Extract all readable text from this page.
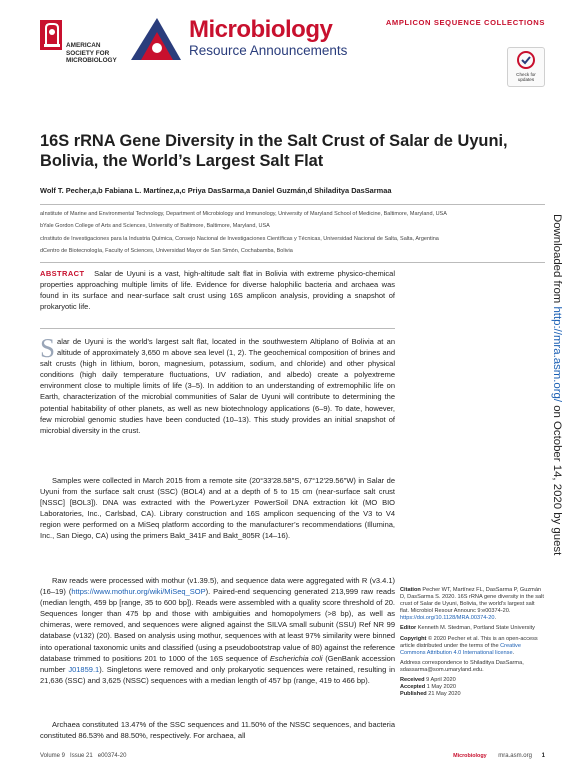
AMERICAN
SOCIETY FOR
MICROBIOLOGY
Microbiology
Resource Announcements
AMPLICON SEQUENCE COLLECTIONS
Check for updates
16S rRNA Gene Diversity in the Salt Crust of Salar de Uyuni, Bolivia, the World’s Largest Salt Flat
Wolf T. Pecher,a,b Fabiana L. Martínez,a,c Priya DasSarma,a Daniel Guzmán,d Shiladitya DasSarmaa
aInstitute of Marine and Environmental Technology, Department of Microbiology and Immunology, University of Maryland School of Medicine, Baltimore, Maryland, USA
bYale Gordon College of Arts and Sciences, University of Baltimore, Baltimore, Maryland, USA
cInstituto de Investigaciones para la Industria Química, Consejo Nacional de Investigaciones Científicas y Técnicas, Universidad Nacional de Salta, Salta, Argentina
dCentro de Biotecnología, Faculty of Sciences, Universidad Mayor de San Simón, Cochabamba, Bolivia
ABSTRACT Salar de Uyuni is a vast, high-altitude salt flat in Bolivia with extreme physico-chemical properties approaching multiple limits of life. Evidence for diverse halophilic bacteria and archaea was found in its surface and near-surface salt crust using 16S amplicon analysis, providing a snapshot of prokaryotic life.

Salar de Uyuni is the world’s largest salt flat, located in the southwestern Altiplano of Bolivia at an altitude of approximately 3,650 m above sea level (1, 2). The geochemical composition of brines and salt crusts (high in lithium, boron, magnesium, potassium, sodium, and chloride) and other physical conditions (high daily temperature fluctuations, UV radiation, and albedo) create a polyextreme environment close to multiple limits of life (3–5). In addition to an understanding of extremophilic life on Earth, characterization of the microbial communities of Salar de Uyuni will contribute to determining the potential habitability of other planets, as well as new biotechnology applications (6–9). To date, however, few microbial genomic studies have been conducted (10–13). This study provides an initial snapshot of microbial diversity in the crust.

Samples were collected in March 2015 from a remote site (20°33′28.58″S, 67°12′29.56″W) in Salar de Uyuni from the surface salt crust (SSC) (BOL4) and at a depth of 5 to 15 cm (near-surface salt crust [NSSC] [BOL3]). DNA was extracted with the PowerLyzer PowerSoil DNA extraction kit (MO BIO Laboratories, Inc., Carlsbad, CA). Library construction and 16S amplicon sequencing of the V3 to V4 region were performed on a MiSeq platform according to the manufacturer’s recommendations (Illumina, Inc., San Diego, CA) using the primers Bakt_341F and Bakt_805R (14–16).

Raw reads were processed with mothur (v1.39.5), and sequence data were aggregated with R (v3.4.1) (16–19) (https://www.mothur.org/wiki/MiSeq_SOP). Paired-end sequencing generated 213,999 raw reads (median length, 459 bp [range, 35 to 600 bp]). Reads were assembled with a quality score threshold of 20. Sequences longer than 475 bp and those with ambiguities and homopolymers (>8 bp), as well as chimeras, were removed, and sequences were aligned against the SILVA small subunit (SSU) Ref NR 99 database (v132) (20). Based on analysis using mothur, sequences with at least 97% similarity were binned into operational taxonomic units and classified (using a pseudobootstrap value of 80) against the reference database trimmed to positions 201 to 1000 of the 16S sequence of Escherichia coli (GenBank accession number J01859.1). Singletons were removed and only prokaryotic sequences were retained, resulting in 21,636 (SSC) and 3,625 (NSSC) sequences with a median length of 457 bp (range, 419 to 466 bp).

Archaea constituted 13.47% of the SSC sequences and 11.50% of the NSSC sequences, and bacteria constituted 86.53% and 88.50%, respectively. For archaea, all

Citation Pecher WT, Martínez FL, DasSarma P, Guzmán D, DasSarma S. 2020. 16S rRNA gene diversity in the salt crust of Salar de Uyuni, Bolivia, the world’s largest salt flat. Microbiol Resour Announc 9:e00374-20. https://doi.org/10.1128/MRA.00374-20.
Editor Kenneth M. Stedman, Portland State University
Copyright © 2020 Pecher et al. This is an open-access article distributed under the terms of the Creative Commons Attribution 4.0 International license.
Address correspondence to Shiladitya DasSarma, sdassarma@som.umaryland.edu.
Received 9 April 2020
Accepted 1 May 2020
Published 21 May 2020
Downloaded from http://mra.asm.org/ on October 14, 2020 by guest
Volume 9 Issue 21 e00374-20	Microbiology mra.asm.org 1
